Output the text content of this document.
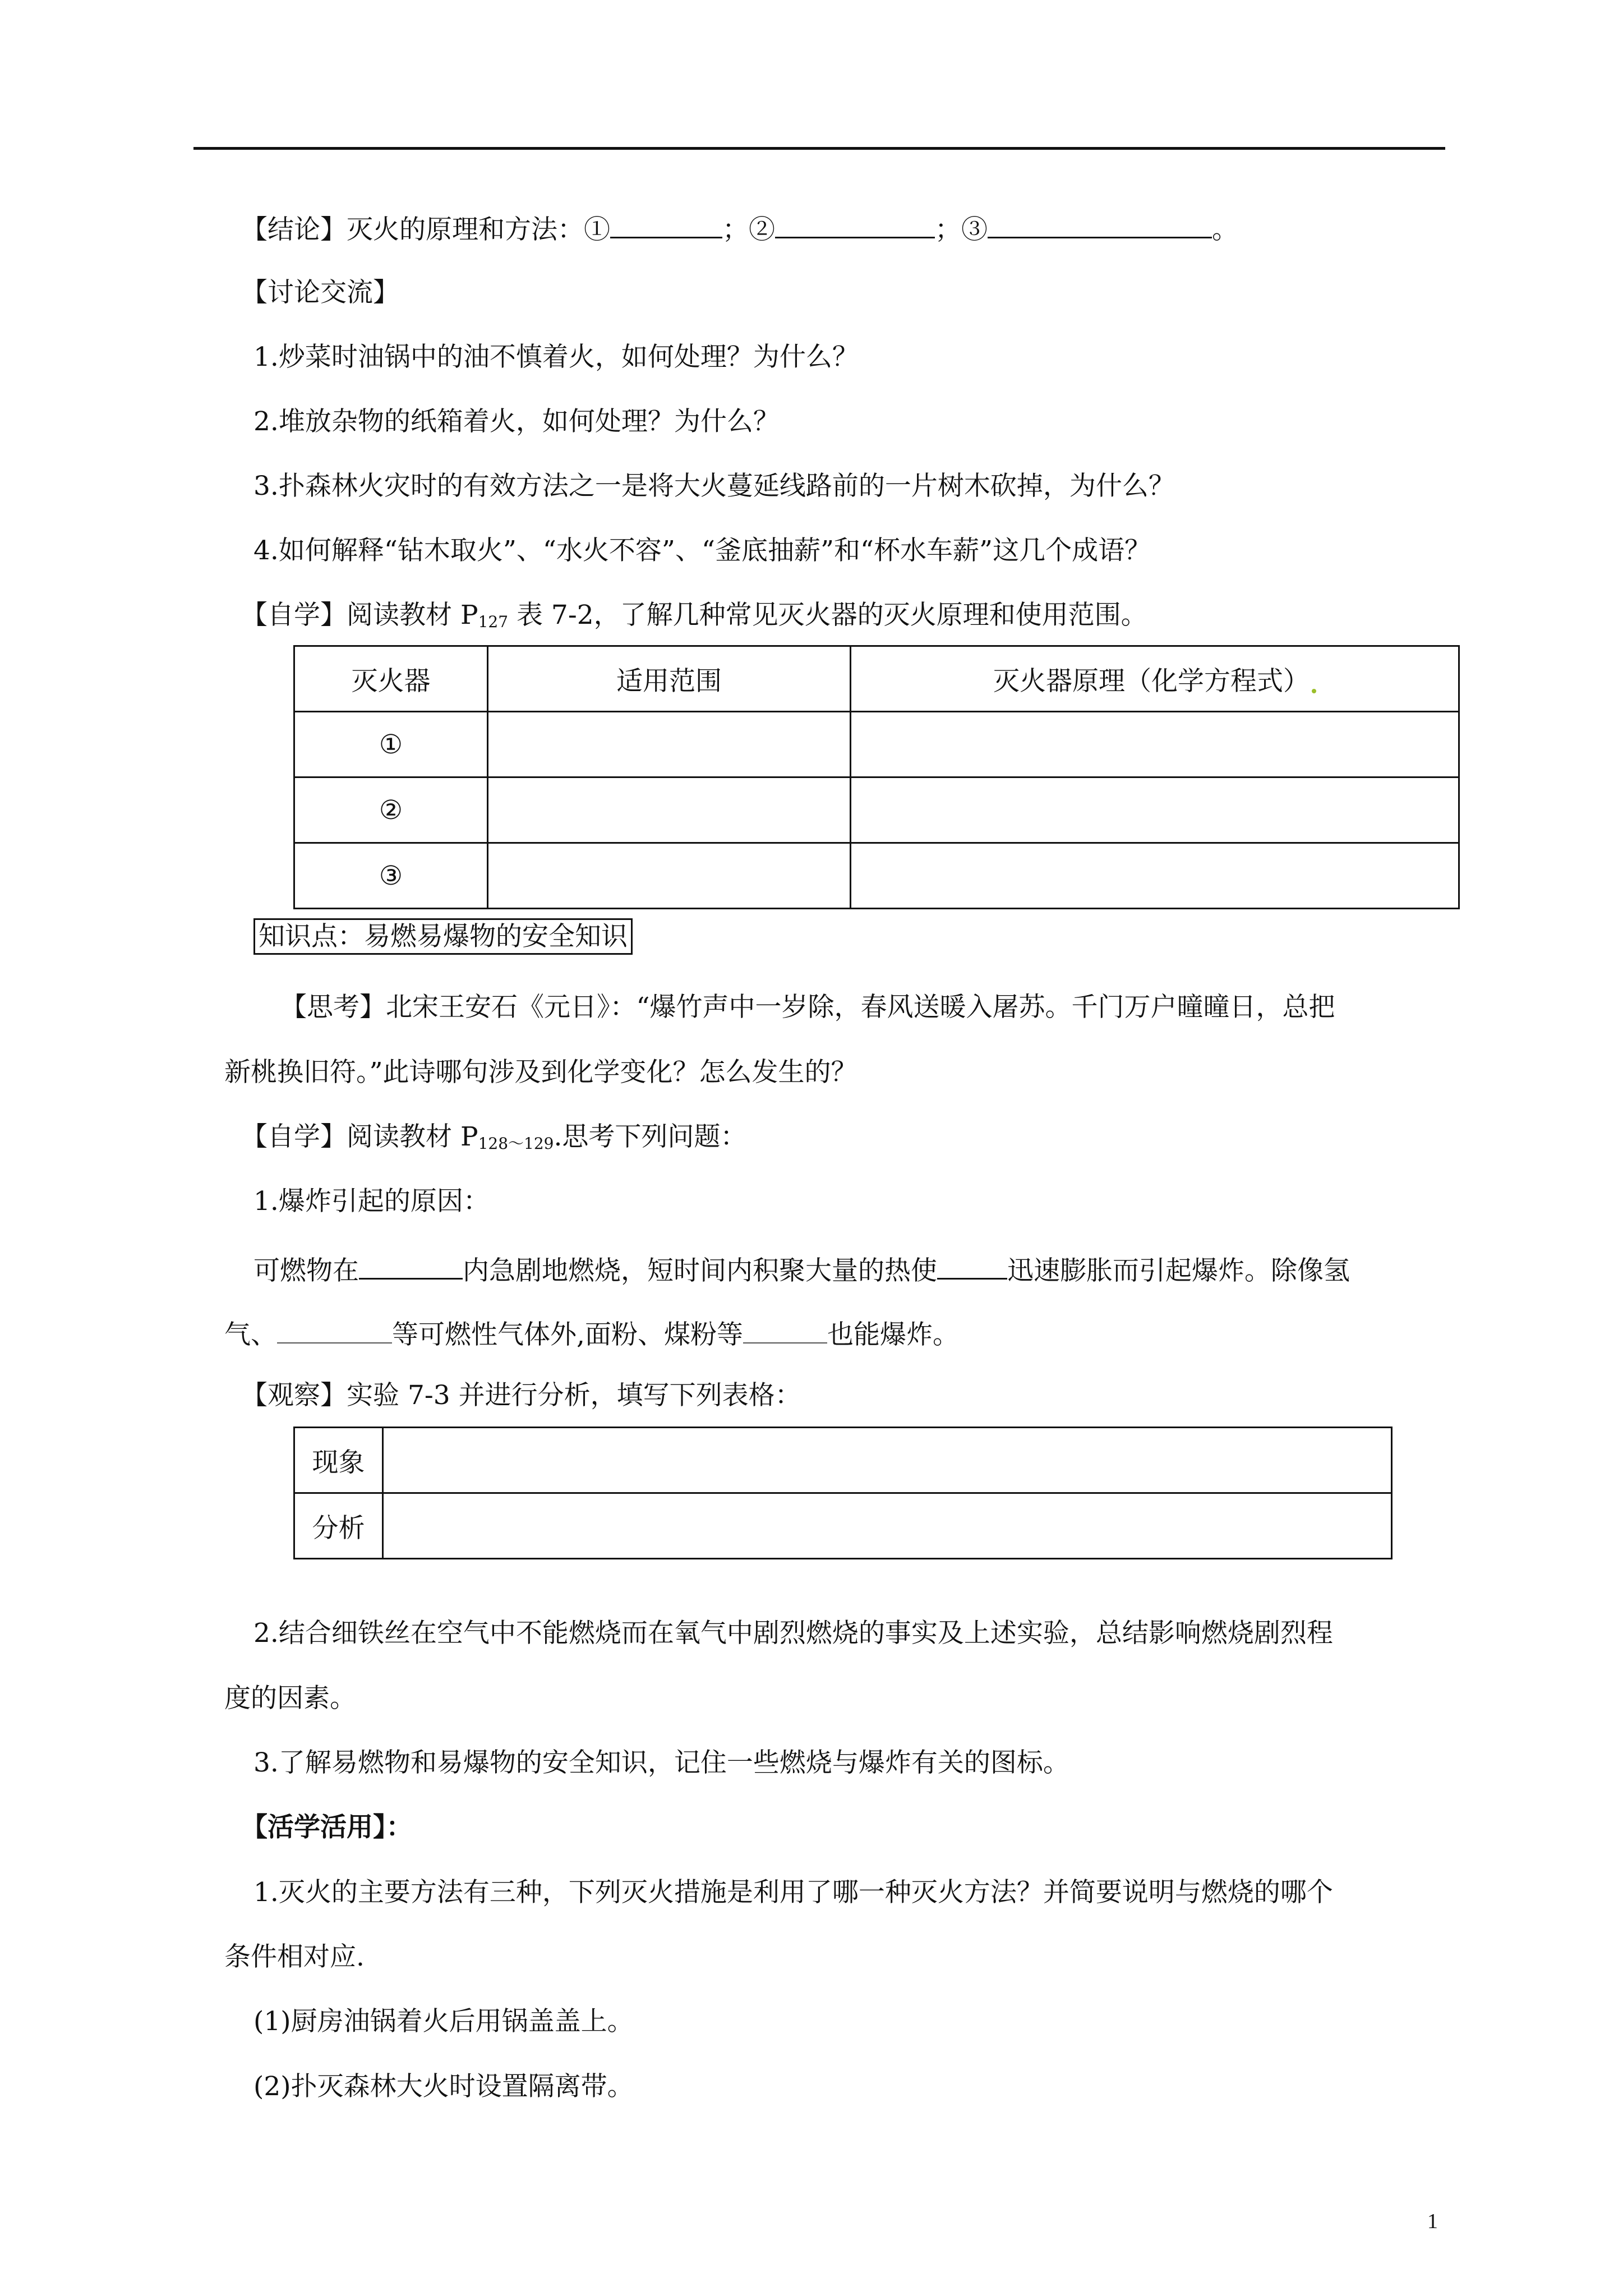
【结论】灭火的原理和方法：①	；②	；③	。
【讨论交流】
1.炒菜时油锅中的油不慎着火，如何处理？为什么？
2.堆放杂物的纸箱着火，如何处理？为什么？
3.扑森林火灾时的有效方法之一是将大火蔓延线路前的一片树木砍掉，为什么？
4.如何解释“钻木取火”、“水火不容”、“釜底抽薪”和“杯水车薪”这几个成语？
【自学】阅读教材 $P_{127}$ 表 7-2，了解几种常见灭火器的灭火原理和使用范围。
灭火器	适用范围	灭火器原理（化学方程式）
①		
②		
③		
知识点：易燃易爆物的安全知识
【思考】北宋王安石《元日》：“爆竹声中一岁除，春风送暖入屠苏。千门万户曈曈日，总把
新桃换旧符。”此诗哪句涉及到化学变化？怎么发生的？
【自学】阅读教材 $P_{128\sim 129}$.思考下列问题：
1.爆炸引起的原因：
可燃物在	内急剧地燃烧，短时间内积聚大量的热使	迅速膨胀而引起爆炸。除像氢
气、	等可燃性气体外,面粉、煤粉等	也能爆炸。
【观察】实验 7-3 并进行分析，填写下列表格：
现象	
分析	
2.结合细铁丝在空气中不能燃烧而在氧气中剧烈燃烧的事实及上述实验，总结影响燃烧剧烈程
度的因素。
3.了解易燃物和易爆物的安全知识，记住一些燃烧与爆炸有关的图标。
【活学活用】：
1.灭火的主要方法有三种，下列灭火措施是利用了哪一种灭火方法？并简要说明与燃烧的哪个
条件相对应.
(1)厨房油锅着火后用锅盖盖上。
(2)扑灭森林大火时设置隔离带。
1
